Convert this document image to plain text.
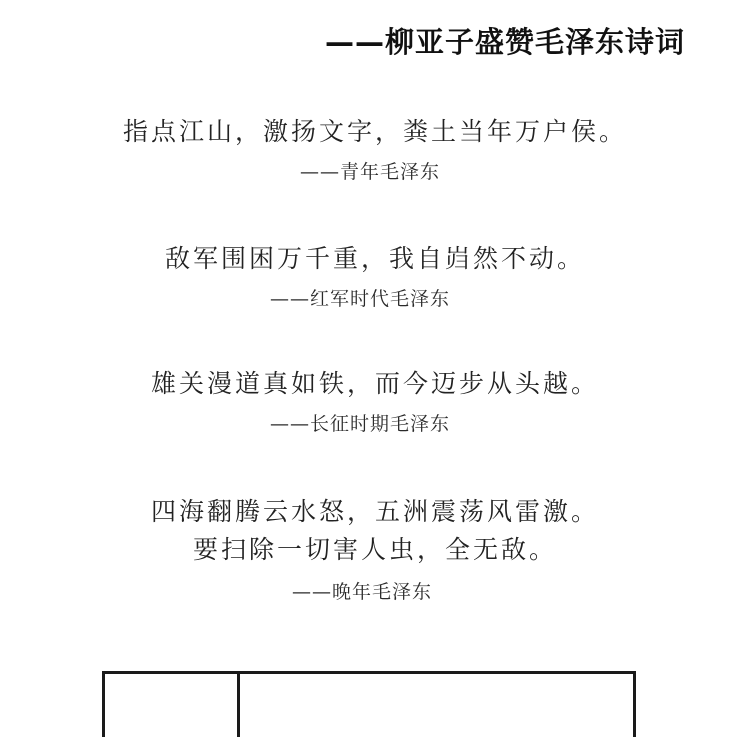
——柳亚子盛赞毛泽东诗词
指点江山，激扬文字，粪土当年万户侯。
——青年毛泽东
敌军围困万千重，我自岿然不动。
——红军时代毛泽东
雄关漫道真如铁，而今迈步从头越。
——长征时期毛泽东
四海翻腾云水怒，五洲震荡风雷激。
要扫除一切害人虫，全无敌。
——晚年毛泽东
